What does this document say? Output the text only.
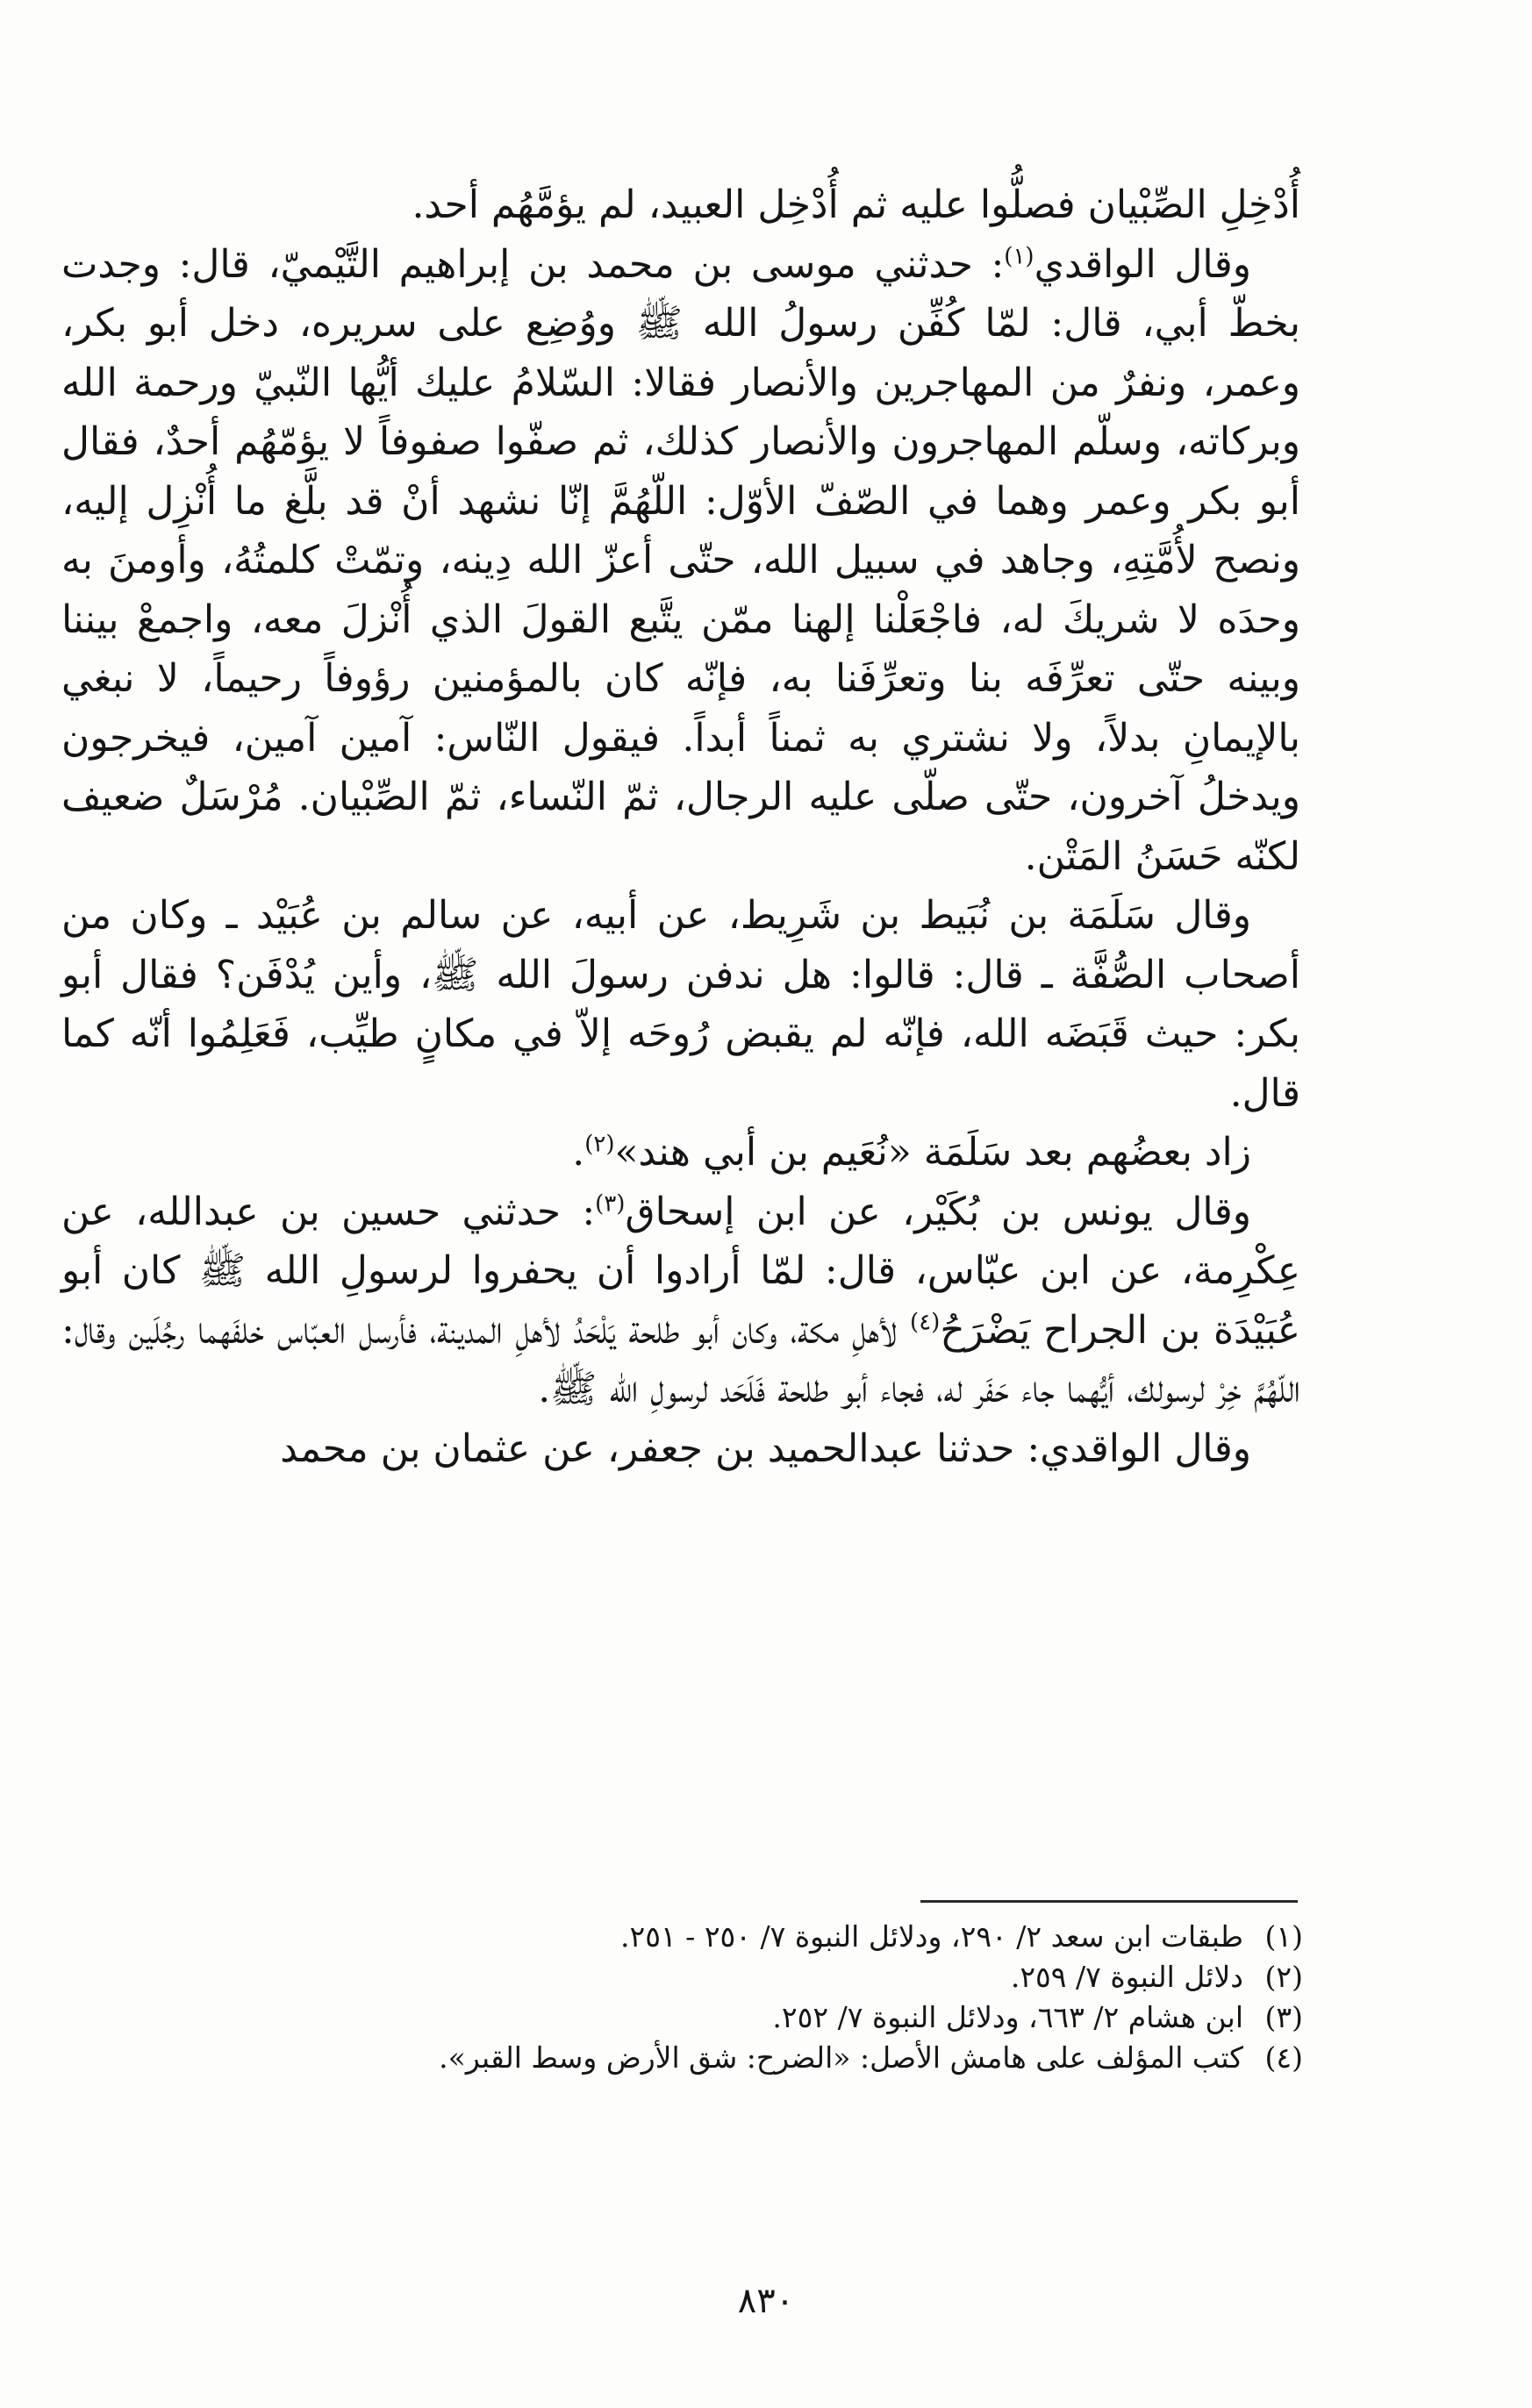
أُدْخِلِ الصِّبْيان فصلُّوا عليه ثم أُدْخِل العبيد، لم يؤمَّهُم أحد.

وقال الواقدي$^{(١)}$: حدثني موسى بن محمد بن إبراهيم التَّيْميّ، قال: وجدت بخطّ أبي، قال: لمّا كُفِّن رسولُ الله ﷺ ووُضِع على سريره، دخل أبو بكر، وعمر، ونفرٌ من المهاجرين والأنصار فقالا: السّلامُ عليك أيُّها النّبيّ ورحمة الله وبركاته، وسلّم المهاجرون والأنصار كذلك، ثم صفّوا صفوفاً لا يؤمّهُم أحدٌ، فقال أبو بكر وعمر وهما في الصّفّ الأوّل: اللّهُمَّ إنّا نشهد أنْ قد بلَّغ ما أُنْزِل إليه، ونصح لأُمَّتِهِ، وجاهد في سبيل الله، حتّى أعزّ الله دِينه، وتمّتْ كلمتُهُ، وأومنَ به وحدَه لا شريكَ له، فاجْعَلْنا إلهنا ممّن يتَّبع القولَ الذي أُنْزلَ معه، واجمعْ بيننا وبينه حتّى تعرِّفَه بنا وتعرِّفَنا به، فإنّه كان بالمؤمنين رؤوفاً رحيماً، لا نبغي بالإيمانِ بدلاً، ولا نشتري به ثمناً أبداً. فيقول النّاس: آمين آمين، فيخرجون ويدخلُ آخرون، حتّى صلّى عليه الرجال، ثمّ النّساء، ثمّ الصِّبْيان. مُرْسَلٌ ضعيف لكنّه حَسَنُ المَتْن.

وقال سَلَمَة بن نُبَيط بن شَرِيط، عن أبيه، عن سالم بن عُبَيْد ـ وكان من أصحاب الصُّفَّة ـ قال: قالوا: هل ندفن رسولَ الله ﷺ، وأين يُدْفَن؟ فقال أبو بكر: حيث قَبَضَه الله، فإنّه لم يقبض رُوحَه إلاّ في مكانٍ طيِّب، فَعَلِمُوا أنّه كما قال.

زاد بعضُهم بعد سَلَمَة «نُعَيم بن أبي هند»$^{(٢)}$.

وقال يونس بن بُكَيْر، عن ابن إسحاق$^{(٣)}$: حدثني حسين بن عبدالله، عن عِكْرِمة، عن ابن عبّاس، قال: لمّا أرادوا أن يحفروا لرسولِ الله ﷺ كان أبو عُبَيْدَة بن الجراح يَضْرَحُ$^{(٤)}$ لأهلِ مكة، وكان أبو طلحة يَلْحَدُ لأهلِ المدينة، فأرسل العبّاس خلفَهما رجُلَين وقال: اللّهُمَّ خِرْ لرسولك، أيُّهما جاء حَفَر له، فجاء أبو طلحة فَلَحَد لرسولِ الله ﷺ.

وقال الواقدي: حدثنا عبدالحميد بن جعفر، عن عثمان بن محمد

(١)
طبقات ابن سعد ٢/ ٢٩٠، ودلائل النبوة ٧/ ٢٥٠ - ٢٥١.

(٢)
دلائل النبوة ٧/ ٢٥٩.

(٣)
ابن هشام ٢/ ٦٦٣، ودلائل النبوة ٧/ ٢٥٢.

(٤)
كتب المؤلف على هامش الأصل: «الضرح: شق الأرض وسط القبر».

٨٣٠
